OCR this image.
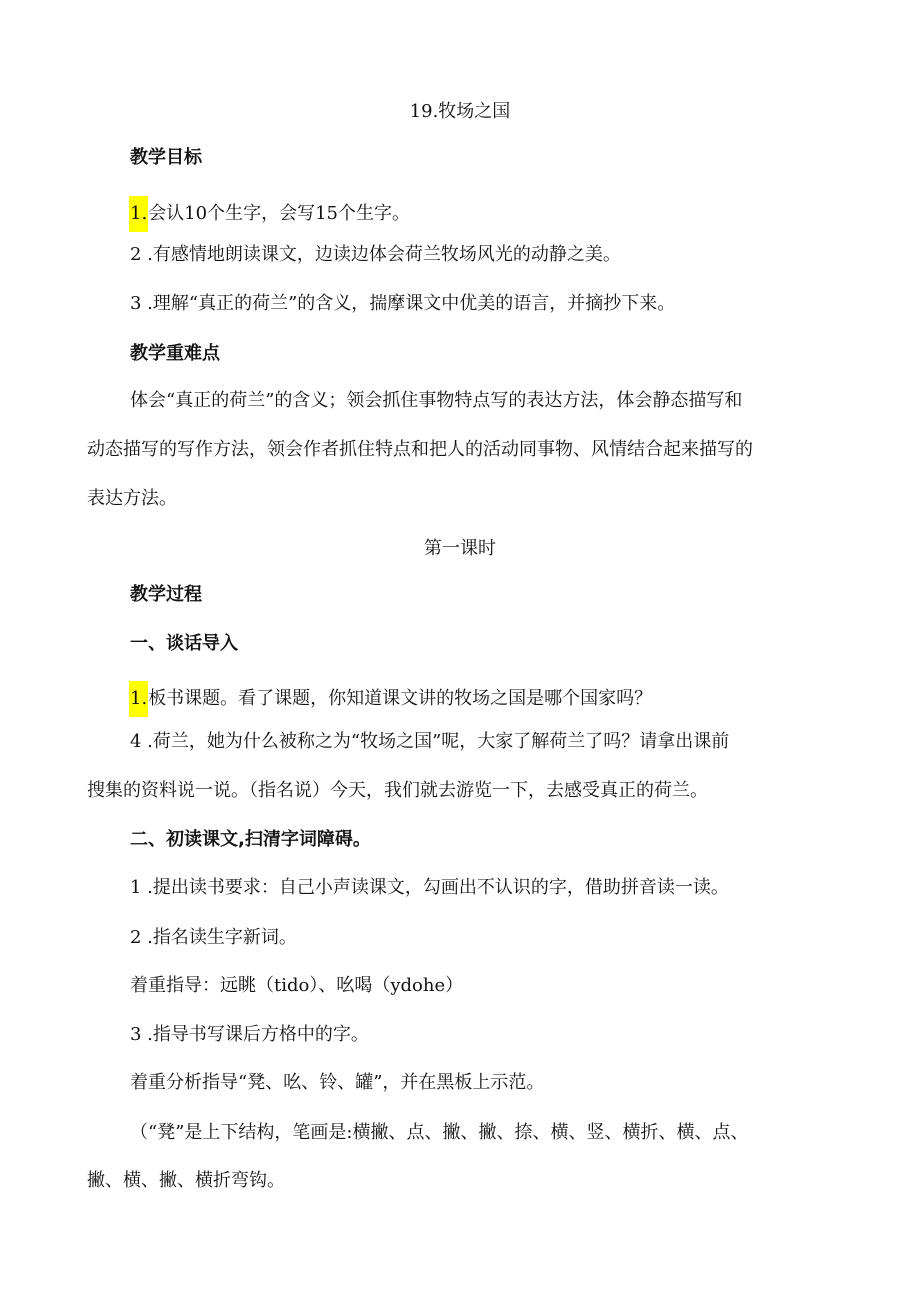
19.牧场之国
教学目标
1.会认10个生字，会写15个生字。
2 .有感情地朗读课文，边读边体会荷兰牧场风光的动静之美。
3 .理解“真正的荷兰”的含义，揣摩课文中优美的语言，并摘抄下来。
教学重难点
体会“真正的荷兰”的含义；领会抓住事物特点写的表达方法，体会静态描写和
动态描写的写作方法，领会作者抓住特点和把人的活动同事物、风情结合起来描写的
表达方法。
第一课时
教学过程
一、谈话导入
1.板书课题。看了课题，你知道课文讲的牧场之国是哪个国家吗？
4 .荷兰，她为什么被称之为“牧场之国”呢，大家了解荷兰了吗？请拿出课前
搜集的资料说一说。（指名说）今天，我们就去游览一下，去感受真正的荷兰。
二、初读课文,扫清字词障碍。
1 .提出读书要求：自己小声读课文，勾画出不认识的字，借助拼音读一读。
2 .指名读生字新词。
着重指导：远眺（tido）、吆喝（ydohe）
3 .指导书写课后方格中的字。
着重分析指导“凳、吆、铃、罐”，并在黑板上示范。
（“凳”是上下结构，笔画是:横撇、点、撇、撇、捺、横、竖、横折、横、点、
撇、横、撇、横折弯钩。
